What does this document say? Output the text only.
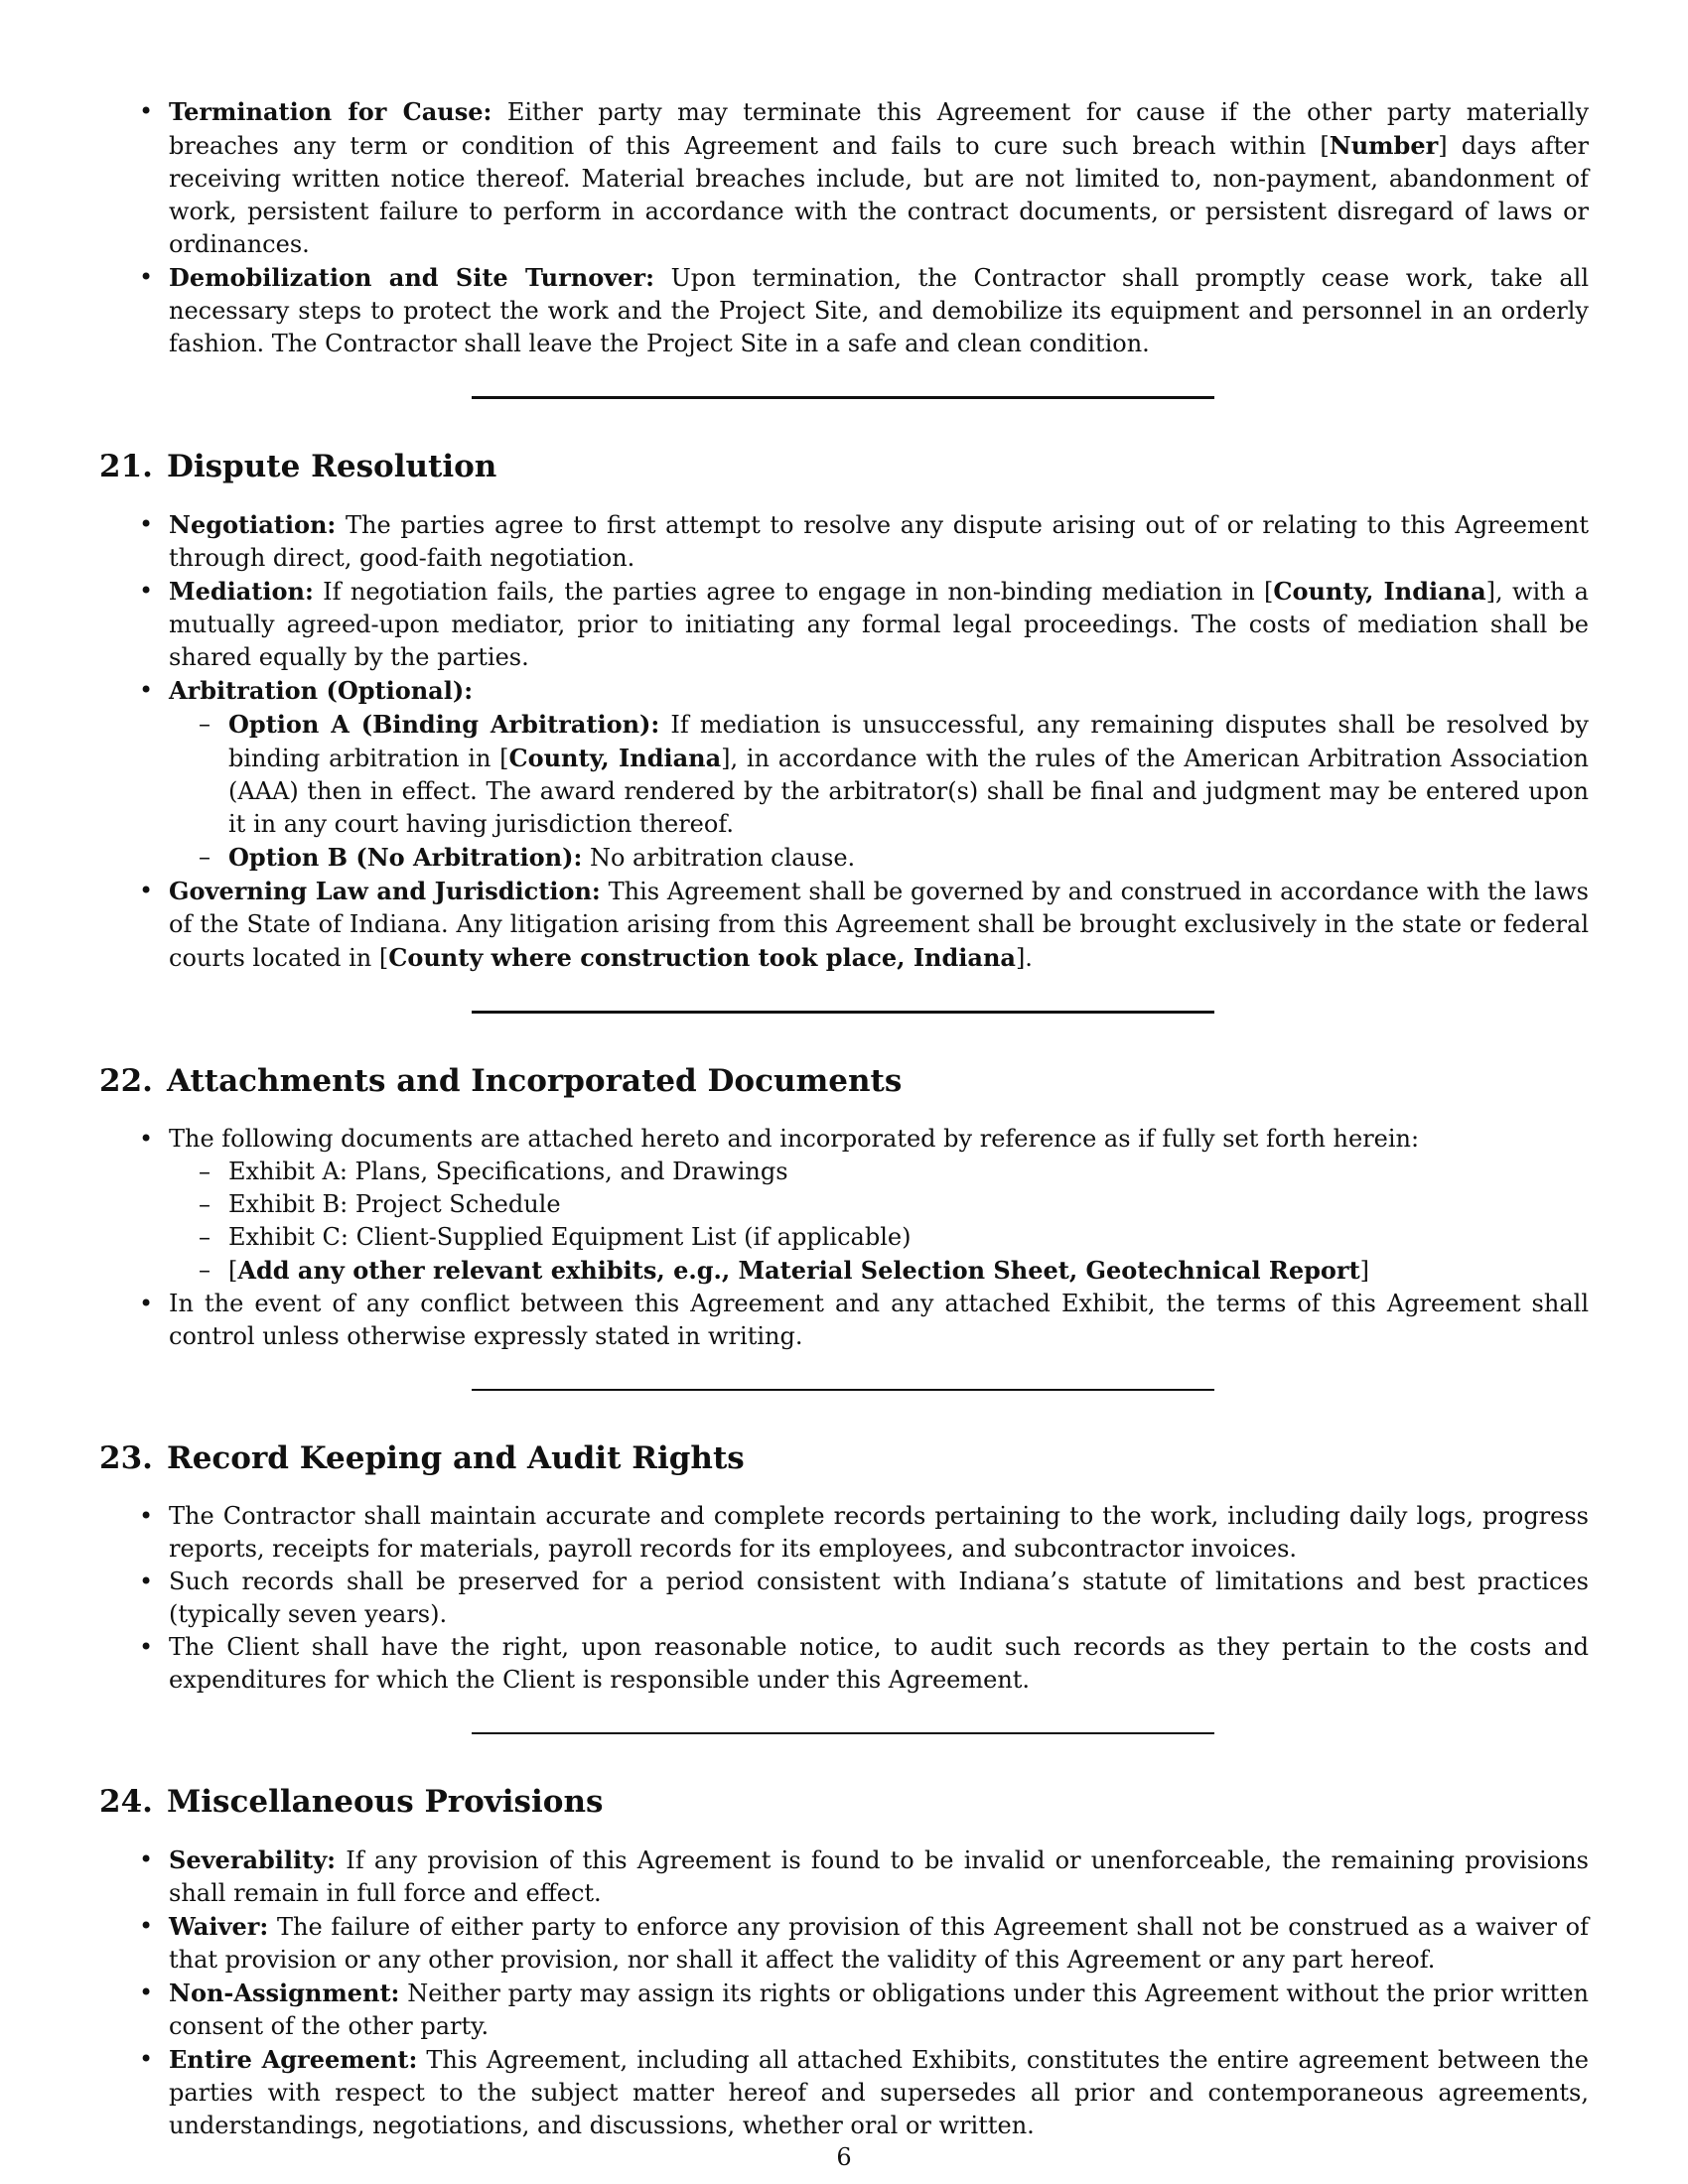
• Termination for Cause: Either party may terminate this Agreement for cause if the other party materially breaches any term or condition of this Agreement and fails to cure such breach within [Number] days after receiving written notice thereof. Material breaches include, but are not limited to, non-payment, abandonment of work, persistent failure to perform in accordance with the contract documents, or persistent disregard of laws or ordinances.
• Demobilization and Site Turnover: Upon termination, the Contractor shall promptly cease work, take all necessary steps to protect the work and the Project Site, and demobilize its equipment and personnel in an orderly fashion. The Contractor shall leave the Project Site in a safe and clean condition.
21. Dispute Resolution
• Negotiation: The parties agree to first attempt to resolve any dispute arising out of or relating to this Agreement through direct, good-faith negotiation.
• Mediation: If negotiation fails, the parties agree to engage in non-binding mediation in [County, Indiana], with a mutually agreed-upon mediator, prior to initiating any formal legal proceedings. The costs of mediation shall be shared equally by the parties.
• Arbitration (Optional):
– Option A (Binding Arbitration): If mediation is unsuccessful, any remaining disputes shall be resolved by binding arbitration in [County, Indiana], in accordance with the rules of the American Arbitration Association (AAA) then in effect. The award rendered by the arbitrator(s) shall be final and judgment may be entered upon it in any court having jurisdiction thereof.
– Option B (No Arbitration): No arbitration clause.
• Governing Law and Jurisdiction: This Agreement shall be governed by and construed in accordance with the laws of the State of Indiana. Any litigation arising from this Agreement shall be brought exclusively in the state or federal courts located in [County where construction took place, Indiana].
22. Attachments and Incorporated Documents
• The following documents are attached hereto and incorporated by reference as if fully set forth herein:
– Exhibit A: Plans, Specifications, and Drawings
– Exhibit B: Project Schedule
– Exhibit C: Client-Supplied Equipment List (if applicable)
– [Add any other relevant exhibits, e.g., Material Selection Sheet, Geotechnical Report]
• In the event of any conflict between this Agreement and any attached Exhibit, the terms of this Agreement shall control unless otherwise expressly stated in writing.
23. Record Keeping and Audit Rights
• The Contractor shall maintain accurate and complete records pertaining to the work, including daily logs, progress reports, receipts for materials, payroll records for its employees, and subcontractor invoices.
• Such records shall be preserved for a period consistent with Indiana’s statute of limitations and best practices (typically seven years).
• The Client shall have the right, upon reasonable notice, to audit such records as they pertain to the costs and expenditures for which the Client is responsible under this Agreement.
24. Miscellaneous Provisions
• Severability: If any provision of this Agreement is found to be invalid or unenforceable, the remaining provisions shall remain in full force and effect.
• Waiver: The failure of either party to enforce any provision of this Agreement shall not be construed as a waiver of that provision or any other provision, nor shall it affect the validity of this Agreement or any part hereof.
• Non-Assignment: Neither party may assign its rights or obligations under this Agreement without the prior written consent of the other party.
• Entire Agreement: This Agreement, including all attached Exhibits, constitutes the entire agreement between the parties with respect to the subject matter hereof and supersedes all prior and contemporaneous agreements, understandings, negotiations, and discussions, whether oral or written.
6
